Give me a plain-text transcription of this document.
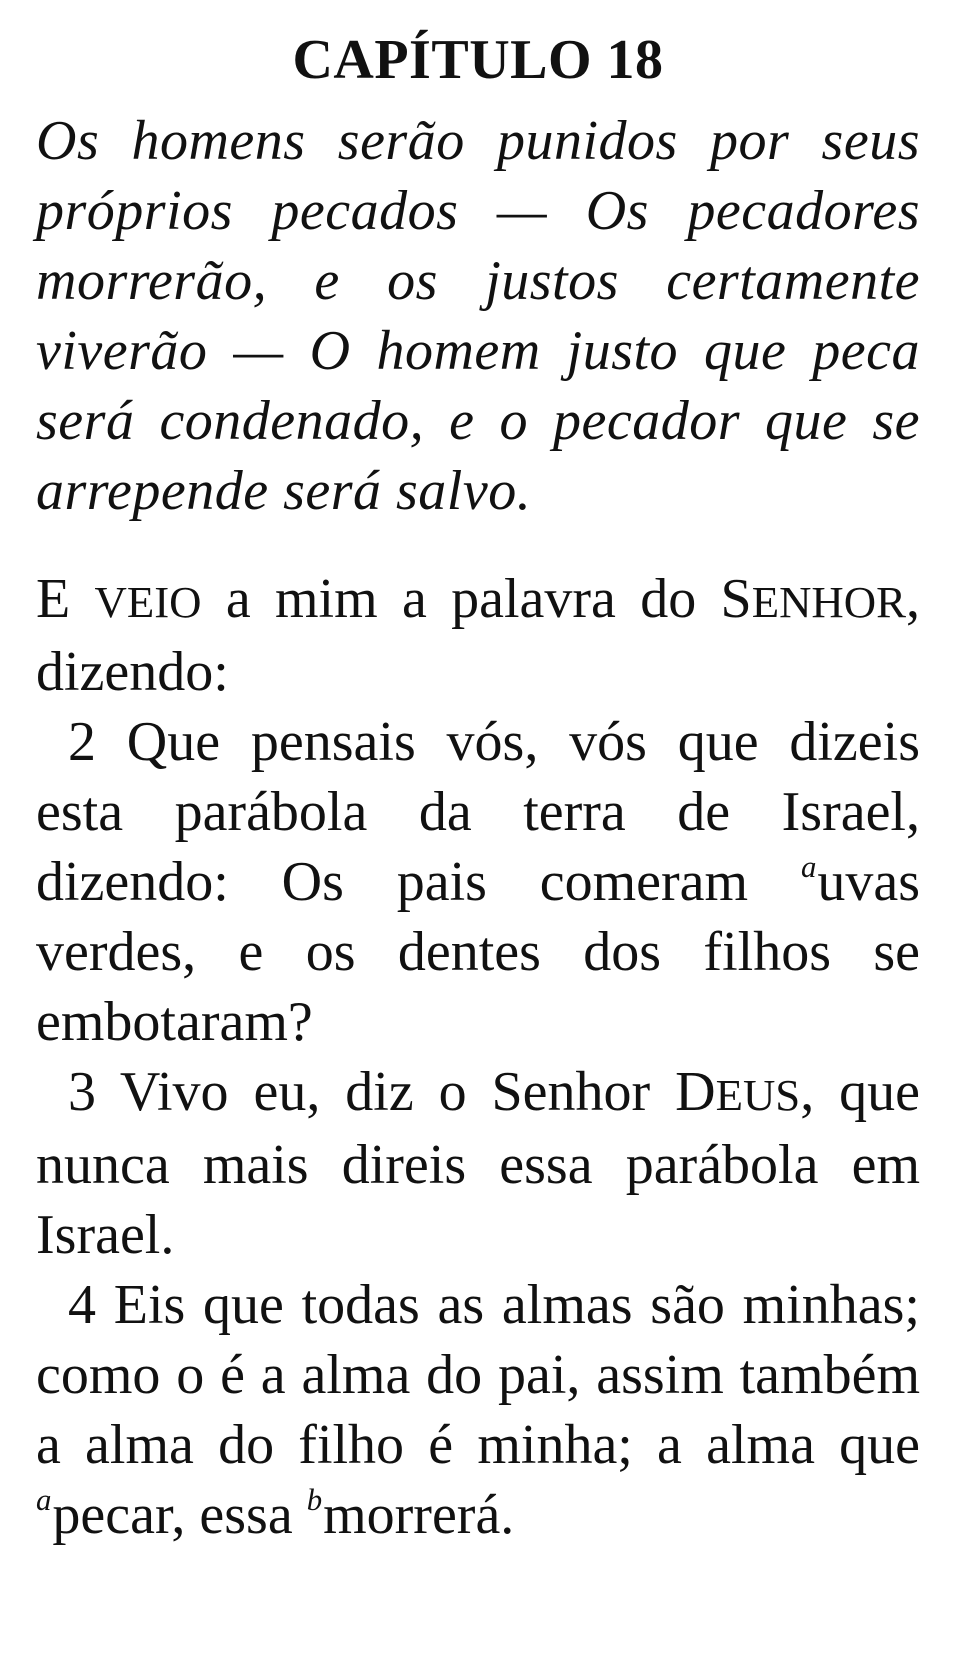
CAPÍTULO 18

Os homens serão punidos por seus próprios pecados — Os pecadores morrerão, e os justos certamente viverão — O homem justo que peca será condenado, e o pecador que se arrepende será salvo.

E VEIO a mim a palavra do SENHOR, dizendo:

2 Que pensais vós, vós que dizeis esta parábola da terra de Israel, dizendo: Os pais comeram $^a$uvas verdes, e os dentes dos filhos se embotaram?

3 Vivo eu, diz o Senhor DEUS, que nunca mais direis essa parábola em Israel.

4 Eis que todas as almas são minhas; como o é a alma do pai, assim também a alma do filho é minha; a alma que $^a$pecar, essa $^b$morrerá.
